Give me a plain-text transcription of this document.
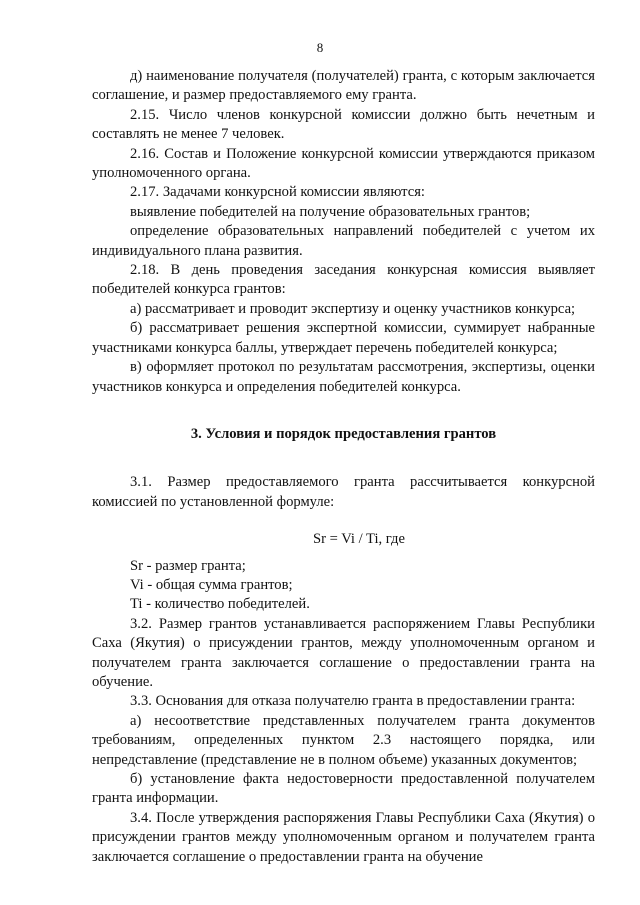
8

д) наименование получателя (получателей) гранта, с которым заключается соглашение, и размер предоставляемого ему гранта.

2.15. Число членов конкурсной комиссии должно быть нечетным и составлять не менее 7 человек.

2.16. Состав и Положение конкурсной комиссии утверждаются приказом уполномоченного органа.

2.17. Задачами конкурсной комиссии являются:

выявление победителей на получение образовательных грантов;

определение образовательных направлений победителей с учетом их индивидуального плана развития.

2.18. В день проведения заседания конкурсная комиссия выявляет победителей конкурса грантов:

а) рассматривает и проводит экспертизу и оценку участников конкурса;

б) рассматривает решения экспертной комиссии, суммирует набранные участниками конкурса баллы, утверждает перечень победителей конкурса;

в) оформляет протокол по результатам рассмотрения, экспертизы, оценки участников конкурса и определения победителей конкурса.

3. Условия и порядок предоставления грантов

3.1. Размер предоставляемого гранта рассчитывается конкурсной комиссией по установленной формуле:

Sr = Vi / Ti, где

Sr - размер гранта;

Vi - общая сумма грантов;

Ti - количество победителей.

3.2. Размер грантов устанавливается распоряжением Главы Республики Саха (Якутия) о присуждении грантов, между уполномоченным органом и получателем гранта заключается соглашение о предоставлении гранта на обучение.

3.3. Основания для отказа получателю гранта в предоставлении гранта:

а) несоответствие представленных получателем гранта документов требованиям, определенных пунктом 2.3 настоящего порядка, или непредставление (представление не в полном объеме) указанных документов;

б) установление факта недостоверности предоставленной получателем гранта информации.

3.4. После утверждения распоряжения Главы Республики Саха (Якутия) о присуждении грантов между уполномоченным органом и получателем гранта заключается соглашение о предоставлении гранта на обучение
